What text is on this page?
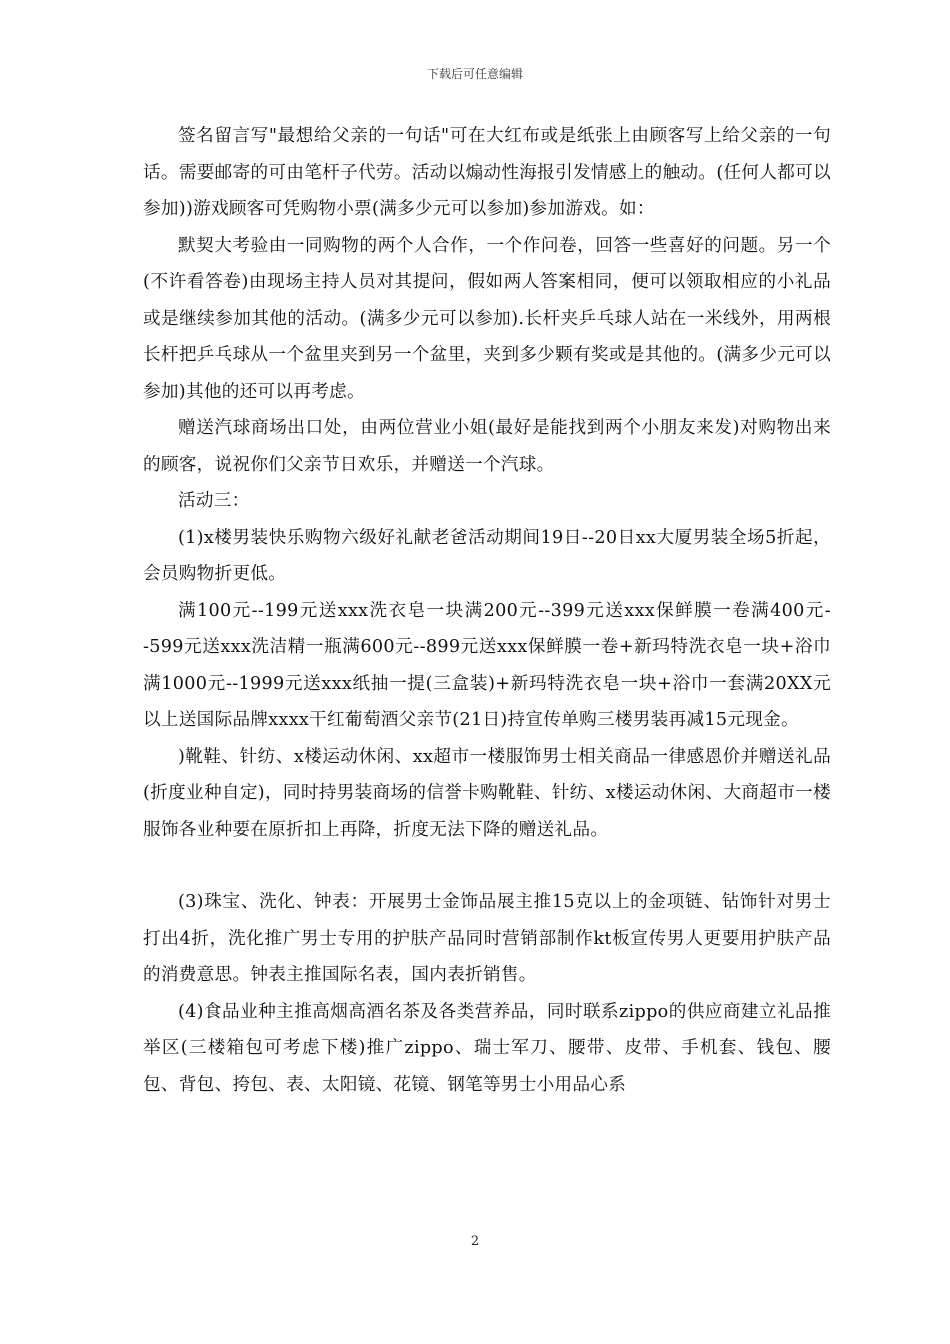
下载后可任意编辑

签名留言写"最想给父亲的一句话"可在大红布或是纸张上由顾客写上给父亲的一句话。需要邮寄的可由笔杆子代劳。活动以煽动性海报引发情感上的触动。(任何人都可以参加))游戏顾客可凭购物小票(满多少元可以参加)参加游戏。如：

默契大考验由一同购物的两个人合作，一个作问卷，回答一些喜好的问题。另一个(不许看答卷)由现场主持人员对其提问，假如两人答案相同，便可以领取相应的小礼品或是继续参加其他的活动。(满多少元可以参加).长杆夹乒乓球人站在一米线外，用两根长杆把乒乓球从一个盆里夹到另一个盆里，夹到多少颗有奖或是其他的。(满多少元可以参加)其他的还可以再考虑。

赠送汽球商场出口处，由两位营业小姐(最好是能找到两个小朋友来发)对购物出来的顾客，说祝你们父亲节日欢乐，并赠送一个汽球。

活动三：

(1)x楼男装快乐购物六级好礼献老爸活动期间19日--20日xx大厦男装全场5折起，会员购物折更低。

满100元--199元送xxx洗衣皂一块满200元--399元送xxx保鲜膜一卷满400元--599元送xxx洗洁精一瓶满600元--899元送xxx保鲜膜一卷+新玛特洗衣皂一块+浴巾满1000元--1999元送xxx纸抽一提(三盒装)+新玛特洗衣皂一块+浴巾一套满20XX元以上送国际品牌xxxx干红葡萄酒父亲节(21日)持宣传单购三楼男装再减15元现金。

)靴鞋、针纺、x楼运动休闲、xx超市一楼服饰男士相关商品一律感恩价并赠送礼品(折度业种自定)，同时持男装商场的信誉卡购靴鞋、针纺、x楼运动休闲、大商超市一楼服饰各业种要在原折扣上再降，折度无法下降的赠送礼品。

(3)珠宝、洗化、钟表：开展男士金饰品展主推15克以上的金项链、钻饰针对男士打出4折，洗化推广男士专用的护肤产品同时营销部制作kt板宣传男人更要用护肤产品的消费意思。钟表主推国际名表，国内表折销售。

(4)食品业种主推高烟高酒名茶及各类营养品，同时联系zippo的供应商建立礼品推举区(三楼箱包可考虑下楼)推广zippo、瑞士军刀、腰带、皮带、手机套、钱包、腰包、背包、挎包、表、太阳镜、花镜、钢笔等男士小用品心系

2
